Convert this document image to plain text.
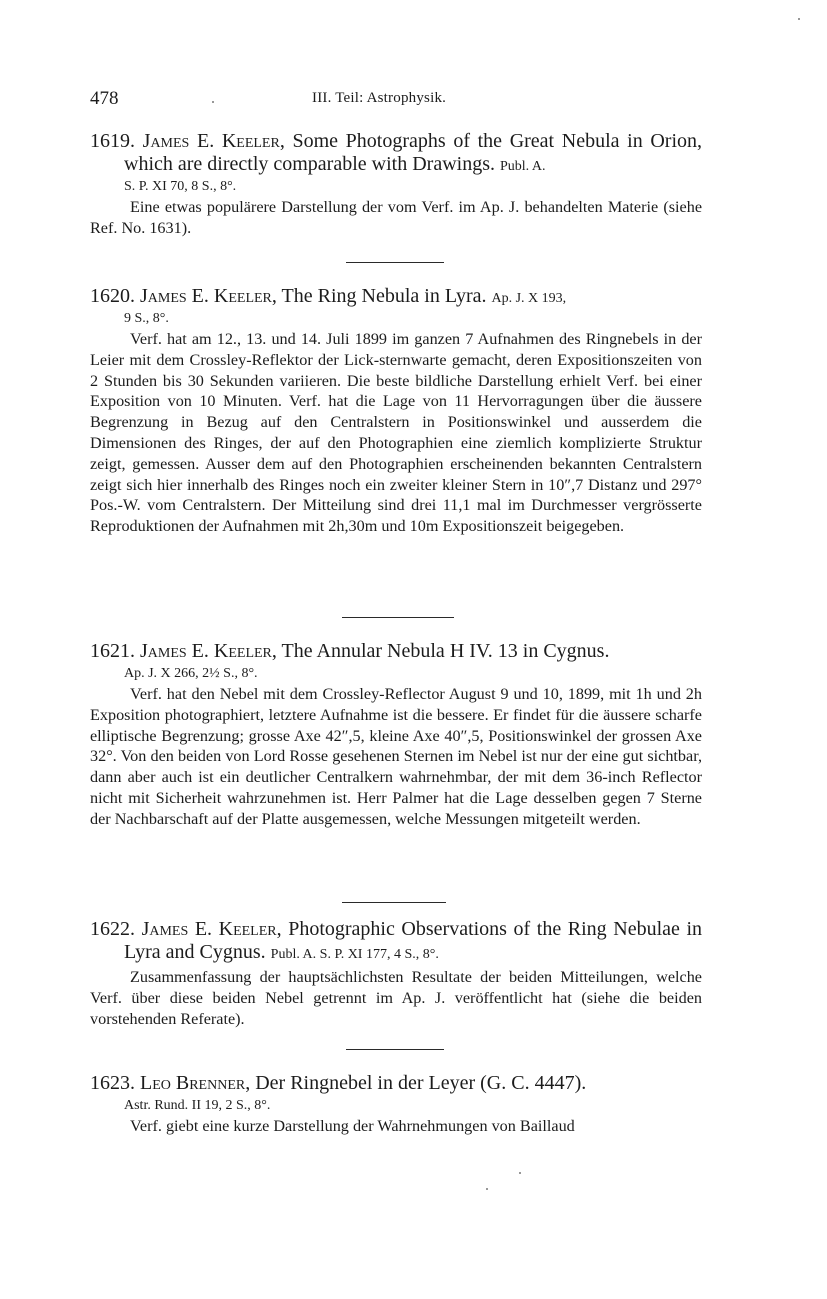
478	III. Teil: Astrophysik.
1619. James E. Keeler, Some Photographs of the Great Nebula in Orion, which are directly comparable with Drawings. Publ. A.
S. P. XI 70, 8 S., 8°.
Eine etwas populärere Darstellung der vom Verf. im Ap. J. behandelten Materie (siehe Ref. No. 1631).
1620. James E. Keeler, The Ring Nebula in Lyra. Ap. J. X 193,
9 S., 8°.
Verf. hat am 12., 13. und 14. Juli 1899 im ganzen 7 Aufnahmen des Ringnebels in der Leier mit dem Crossley-Reflektor der Lick-sternwarte gemacht, deren Expositionszeiten von 2 Stunden bis 30 Sekunden variieren. Die beste bildliche Darstellung erhielt Verf. bei einer Exposition von 10 Minuten. Verf. hat die Lage von 11 Hervorragungen über die äussere Begrenzung in Bezug auf den Centralstern in Positionswinkel und ausserdem die Dimensionen des Ringes, der auf den Photographien eine ziemlich komplizierte Struktur zeigt, gemessen. Ausser dem auf den Photographien erscheinenden bekannten Centralstern zeigt sich hier innerhalb des Ringes noch ein zweiter kleiner Stern in 10″,7 Distanz und 297° Pos.-W. vom Centralstern. Der Mitteilung sind drei 11,1 mal im Durchmesser vergrösserte Reproduktionen der Aufnahmen mit 2h,30m und 10m Expositionszeit beigegeben.
1621. James E. Keeler, The Annular Nebula H IV. 13 in Cygnus.
Ap. J. X 266, 2½ S., 8°.
Verf. hat den Nebel mit dem Crossley-Reflector August 9 und 10, 1899, mit 1h und 2h Exposition photographiert, letztere Aufnahme ist die bessere. Er findet für die äussere scharfe elliptische Begrenzung; grosse Axe 42″,5, kleine Axe 40″,5, Positionswinkel der grossen Axe 32°. Von den beiden von Lord Rosse gesehenen Sternen im Nebel ist nur der eine gut sichtbar, dann aber auch ist ein deutlicher Centralkern wahrnehmbar, der mit dem 36-inch Reflector nicht mit Sicherheit wahrzunehmen ist. Herr Palmer hat die Lage desselben gegen 7 Sterne der Nachbarschaft auf der Platte ausgemessen, welche Messungen mitgeteilt werden.
1622. James E. Keeler, Photographic Observations of the Ring Nebulae in Lyra and Cygnus. Publ. A. S. P. XI 177, 4 S., 8°.
Zusammenfassung der hauptsächlichsten Resultate der beiden Mitteilungen, welche Verf. über diese beiden Nebel getrennt im Ap. J. veröffentlicht hat (siehe die beiden vorstehenden Referate).
1623. Leo Brenner, Der Ringnebel in der Leyer (G. C. 4447).
Astr. Rund. II 19, 2 S., 8°.
Verf. giebt eine kurze Darstellung der Wahrnehmungen von Baillaud
